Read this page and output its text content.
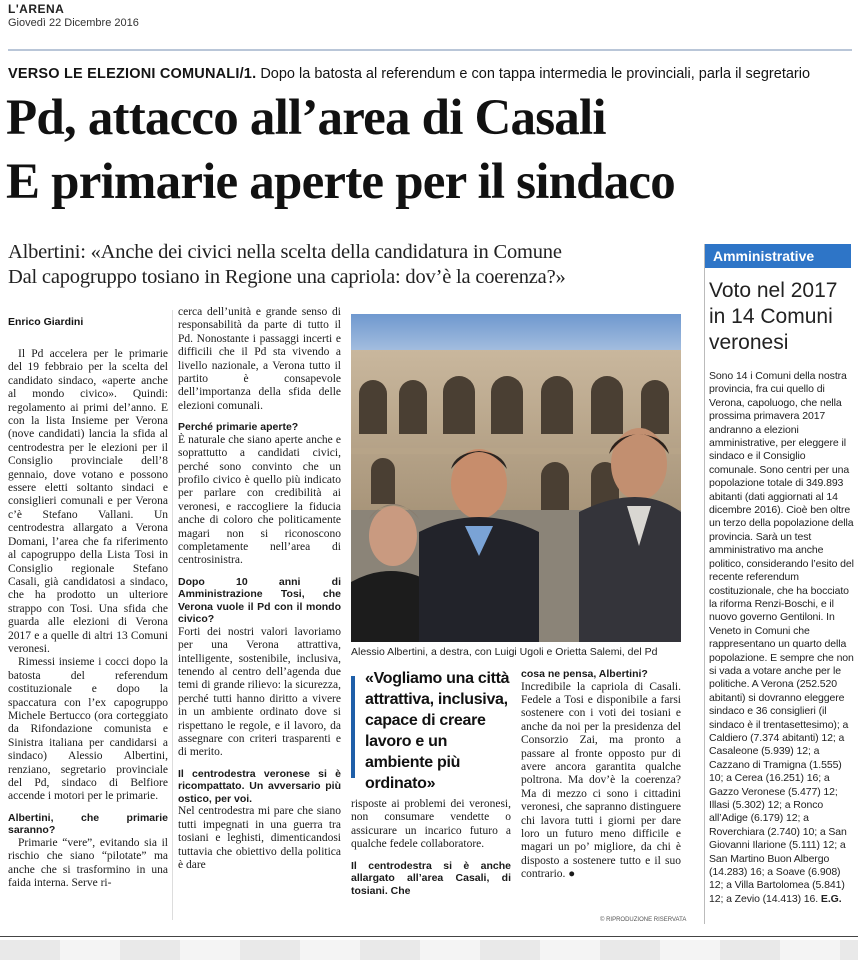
L'ARENA
Giovedì 22 Dicembre 2016
VERSO LE ELEZIONI COMUNALI/1. Dopo la batosta al referendum e con tappa intermedia le provinciali, parla il segretario
Pd, attacco all’area di Casali
E primarie aperte per il sindaco
Albertini: «Anche dei civici nella scelta della candidatura in Comune
Dal capogruppo tosiano in Regione una capriola: dov’è la coerenza?»
Enrico Giardini

Il Pd accelera per le primarie del 19 febbraio per la scelta del candidato sindaco, «aperte anche al mondo civico». Quindi: regolamento ai primi del’anno. E con la lista Insieme per Verona (nove candidati) lancia la sfida al centrodestra per le elezioni per il Consiglio provinciale dell’8 gennaio, dove votano e possono essere eletti soltanto sindaci e consiglieri comunali e per Verona c’è Stefano Vallani. Un centrodestra allargato a Verona Domani, l’area che fa riferimento al capogruppo della Lista Tosi in Consiglio regionale Stefano Casali, già candidatosi a sindaco, che ha prodotto un ulteriore strappo con Tosi. Una sfida che guarda alle elezioni di Verona 2017 e a quelle di altri 13 Comuni veronesi.

Rimessi insieme i cocci dopo la batosta del referendum costituzionale e dopo la spaccatura con l’ex capogruppo Michele Bertucco (ora corteggiato da Rifondazione comunista e Sinistra italiana per candidarsi a sindaco) Alessio Albertini, renziano, segretario provinciale del Pd, sindaco di Belfiore accende i motori per le primarie.

Albertini, che primarie saranno?

Primarie “vere”, evitando sia il rischio che siano “pilotate” ma anche che si trasformino in una faida interna. Serve ri-

cerca dell’unità e grande senso di responsabilità da parte di tutto il Pd. Nonostante i passaggi incerti e difficili che il Pd sta vivendo a livello nazionale, a Verona tutto il partito è consapevole dell’importanza della sfida delle elezioni comunali.

Perché primarie aperte?

È naturale che siano aperte anche e soprattutto a candidati civici, perché sono convinto che un profilo civico è quello più indicato per parlare con credibilità ai veronesi, e raccogliere la fiducia anche di coloro che politicamente magari non si riconoscono completamente nell’area di centrosinistra.

Dopo 10 anni di Amministrazione Tosi, che Verona vuole il Pd con il mondo civico?

Forti dei nostri valori lavoriamo per una Verona attrattiva, intelligente, sostenibile, inclusiva, tenendo al centro dell’agenda due temi di grande rilievo: la sicurezza, perché tutti hanno diritto a vivere in un ambiente ordinato dove si rispettano le regole, e il lavoro, da assegnare con criteri trasparenti e di merito.

Il centrodestra veronese si è ricompattato. Un avversario più ostico, per voi.

Nel centrodestra mi pare che siano tutti impegnati in una guerra tra tosiani e leghisti, dimenticandosi tuttavia che obiettivo della politica è dare

Alessio Albertini, a destra, con Luigi Ugoli e Orietta Salemi, del Pd
«Vogliamo una città attrattiva, inclusiva, capace di creare lavoro e un ambiente più ordinato»

risposte ai problemi dei veronesi, non consumare vendette o assicurare un incarico futuro a qualche fedele collaboratore.

Il centrodestra si è anche allargato all’area Casali, di tosiani. Che

cosa ne pensa, Albertini?

Incredibile la capriola di Casali. Fedele a Tosi e disponibile a farsi sostenere con i voti dei tosiani e anche da noi per la presidenza del Consorzio Zai, ma pronto a passare al fronte opposto pur di avere ancora garantita qualche poltrona. Ma dov’è la coerenza? Ma di mezzo ci sono i cittadini veronesi, che sapranno distinguere chi lavora tutti i giorni per dare loro un futuro meno difficile e magari un po’ migliore, da chi è disposto a sostenere tutto e il suo contrario. ●

© RIPRODUZIONE RISERVATA
Amministrative
Voto nel 2017 in 14 Comuni veronesi
Sono 14 i Comuni della nostra provincia, fra cui quello di Verona, capoluogo, che nella prossima primavera 2017 andranno a elezioni amministrative, per eleggere il sindaco e il Consiglio comunale. Sono centri per una popolazione totale di 349.893 abitanti (dati aggiornati al 14 dicembre 2016). Cioè ben oltre un terzo della popolazione della provincia. Sarà un test amministrativo ma anche politico, considerando l’esito del recente referendum costituzionale, che ha bocciato la riforma Renzi-Boschi, e il nuovo governo Gentiloni. In Veneto in Comuni che rappresentano un quarto della popolazione. E sempre che non si vada a votare anche per le politiche. A Verona (252.520 abitanti) si dovranno eleggere sindaco e 36 consiglieri (il sindaco è il trentasettesimo); a Caldiero (7.374 abitanti) 12; a Casaleone (5.939) 12; a Cazzano di Tramigna (1.555) 10; a Cerea (16.251) 16; a Gazzo Veronese (5.477) 12; Illasi (5.302) 12; a Ronco all’Adige (6.179) 12; a Roverchiara (2.740) 10; a San Giovanni Ilarione (5.111) 12; a San Martino Buon Albergo (14.283) 16; a Soave (6.908) 12; a Villa Bartolomea (5.841) 12; a Zevio (14.413) 16. E.G.
